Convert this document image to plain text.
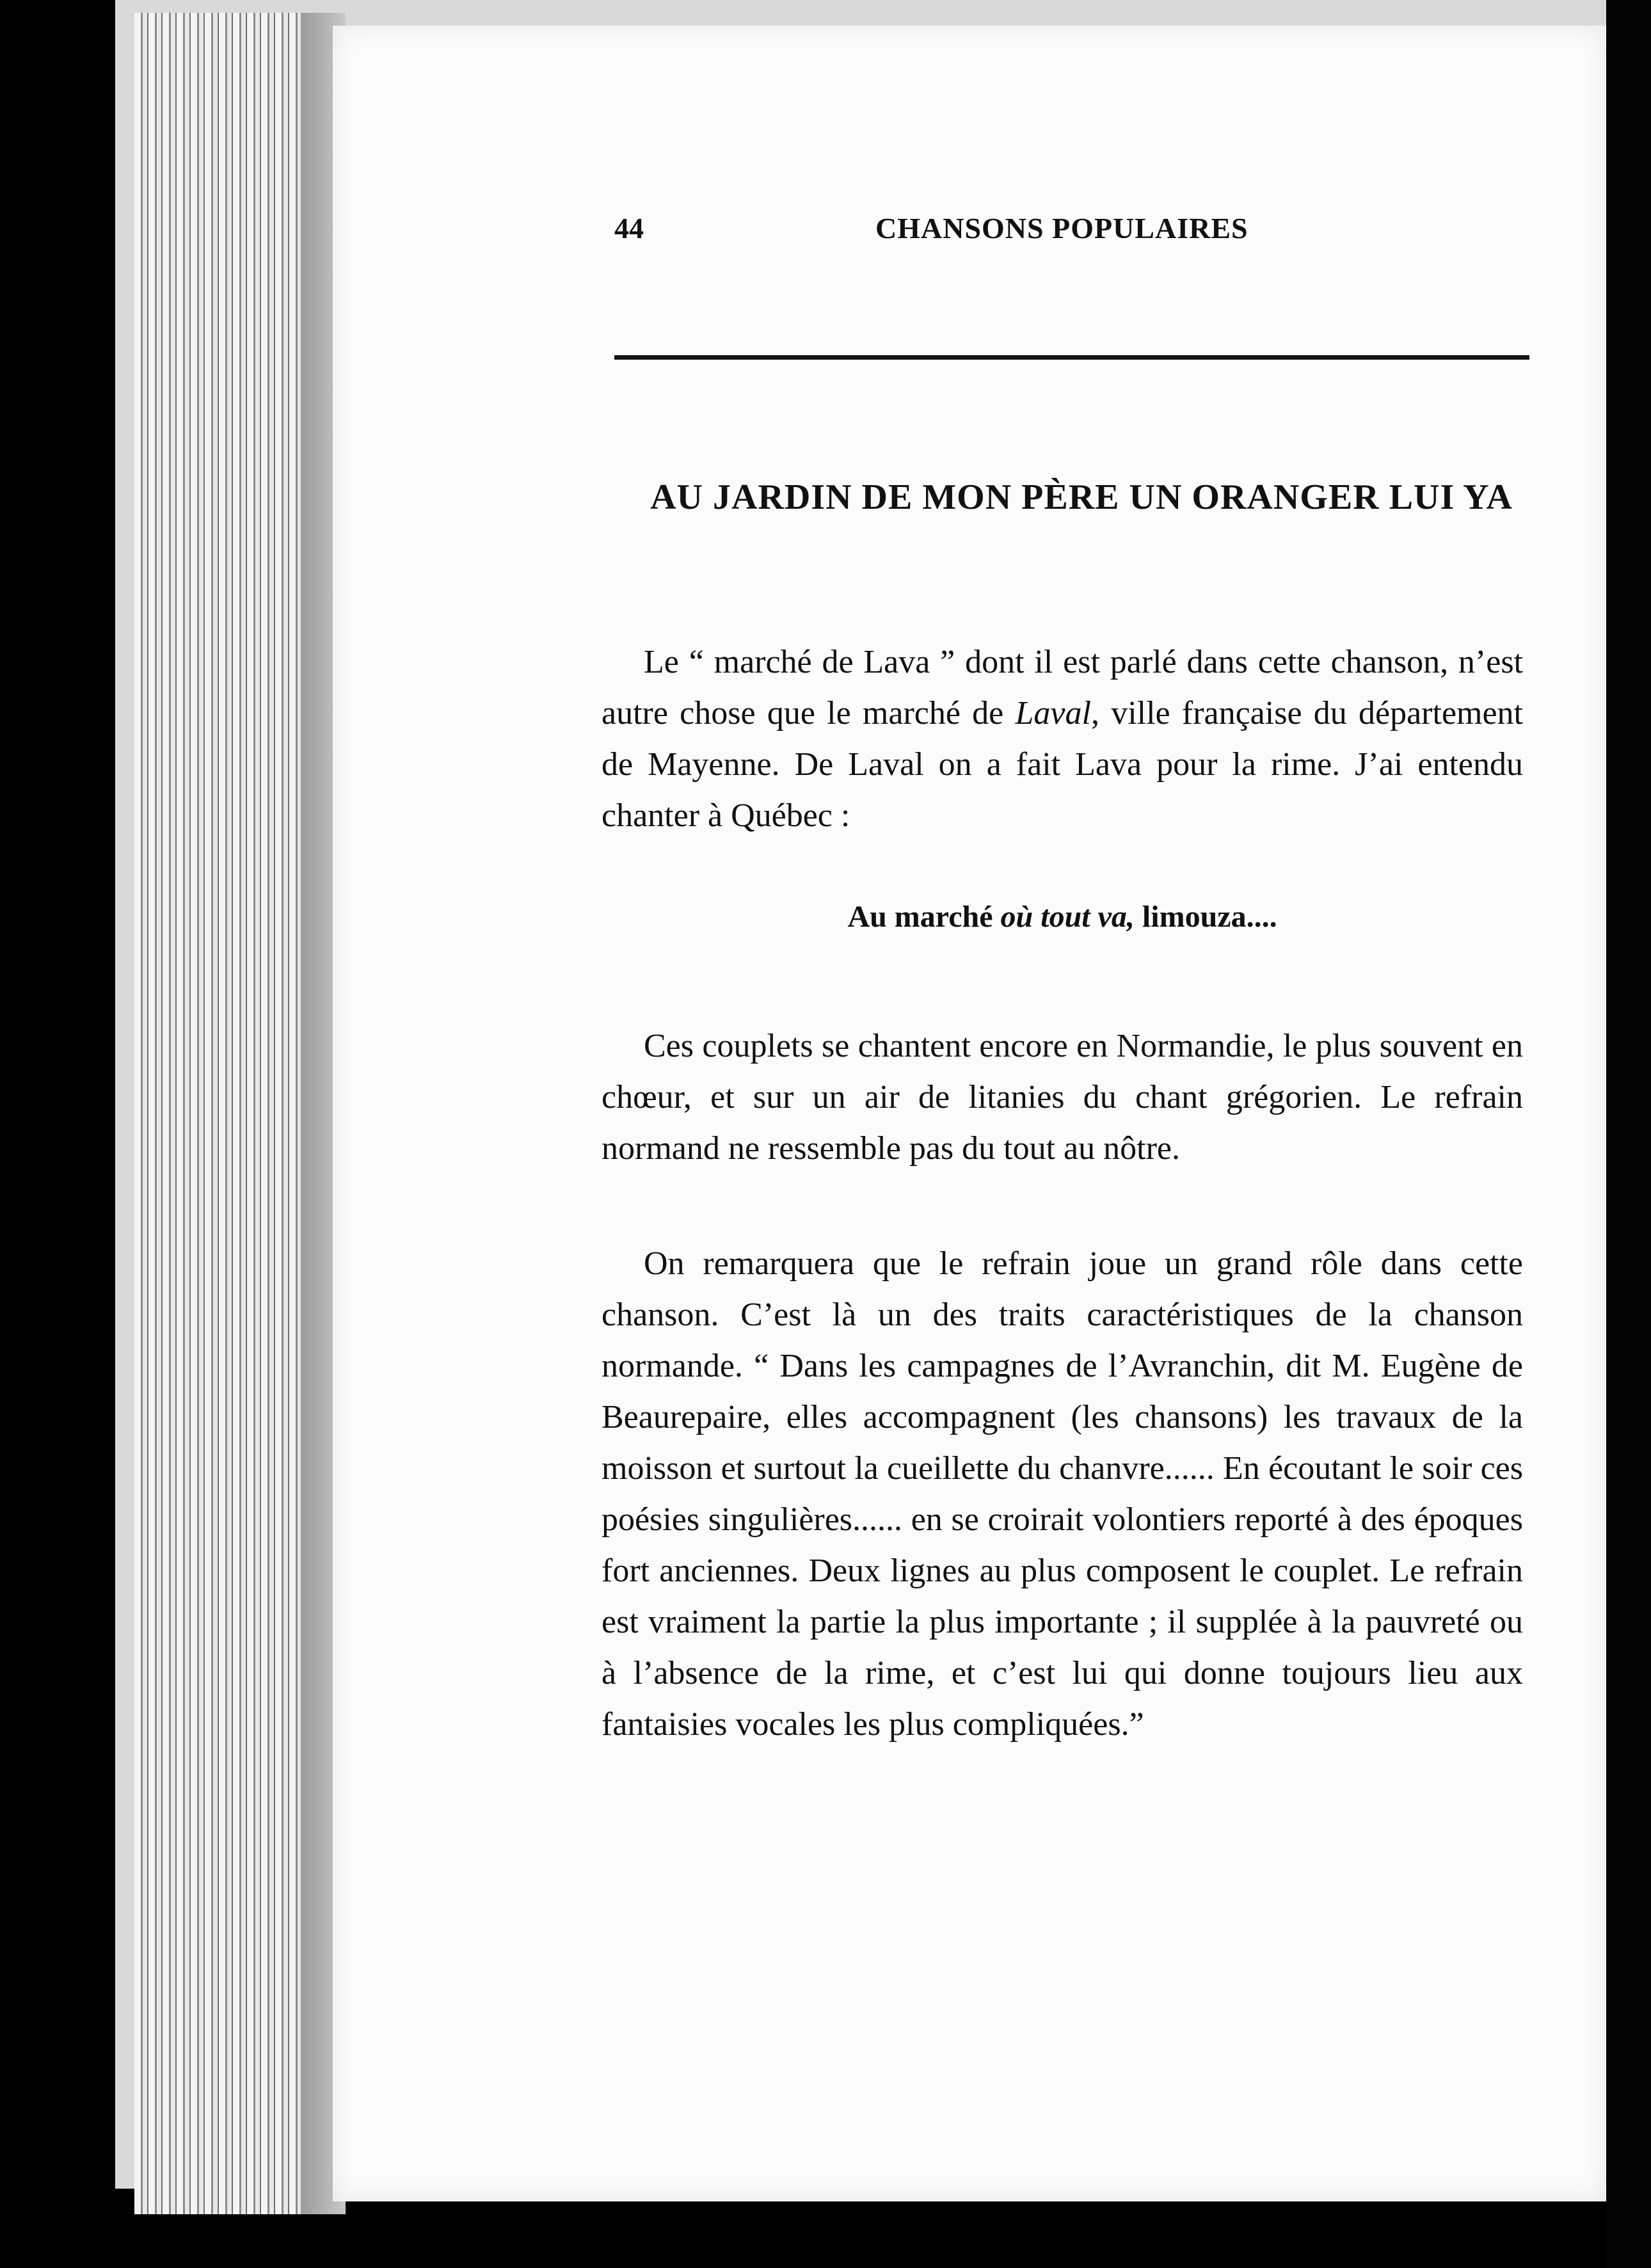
44	CHANSONS POPULAIRES
AU JARDIN DE MON PÈRE UN ORANGER LUI YA

Le “ marché de Lava ” dont il est parlé dans cette chanson, n’est autre chose que le marché de Laval, ville française du département de Mayenne. De Laval on a fait Lava pour la rime. J’ai entendu chanter à Québec :

Au marché où tout va, limouza....

Ces couplets se chantent encore en Normandie, le plus souvent en chœur, et sur un air de litanies du chant grégorien. Le refrain normand ne ressemble pas du tout au nôtre.

On remarquera que le refrain joue un grand rôle dans cette chanson. C’est là un des traits caractéristiques de la chanson normande. “ Dans les campagnes de l’Avranchin, dit M. Eugène de Beaurepaire, elles accompagnent (les chansons) les travaux de la moisson et surtout la cueillette du chanvre...... En écoutant le soir ces poésies singulières...... en se croirait volontiers reporté à des époques fort anciennes. Deux lignes au plus composent le couplet. Le refrain est vraiment la partie la plus importante ; il supplée à la pauvreté ou à l’absence de la rime, et c’est lui qui donne toujours lieu aux fantaisies vocales les plus compliquées.”
